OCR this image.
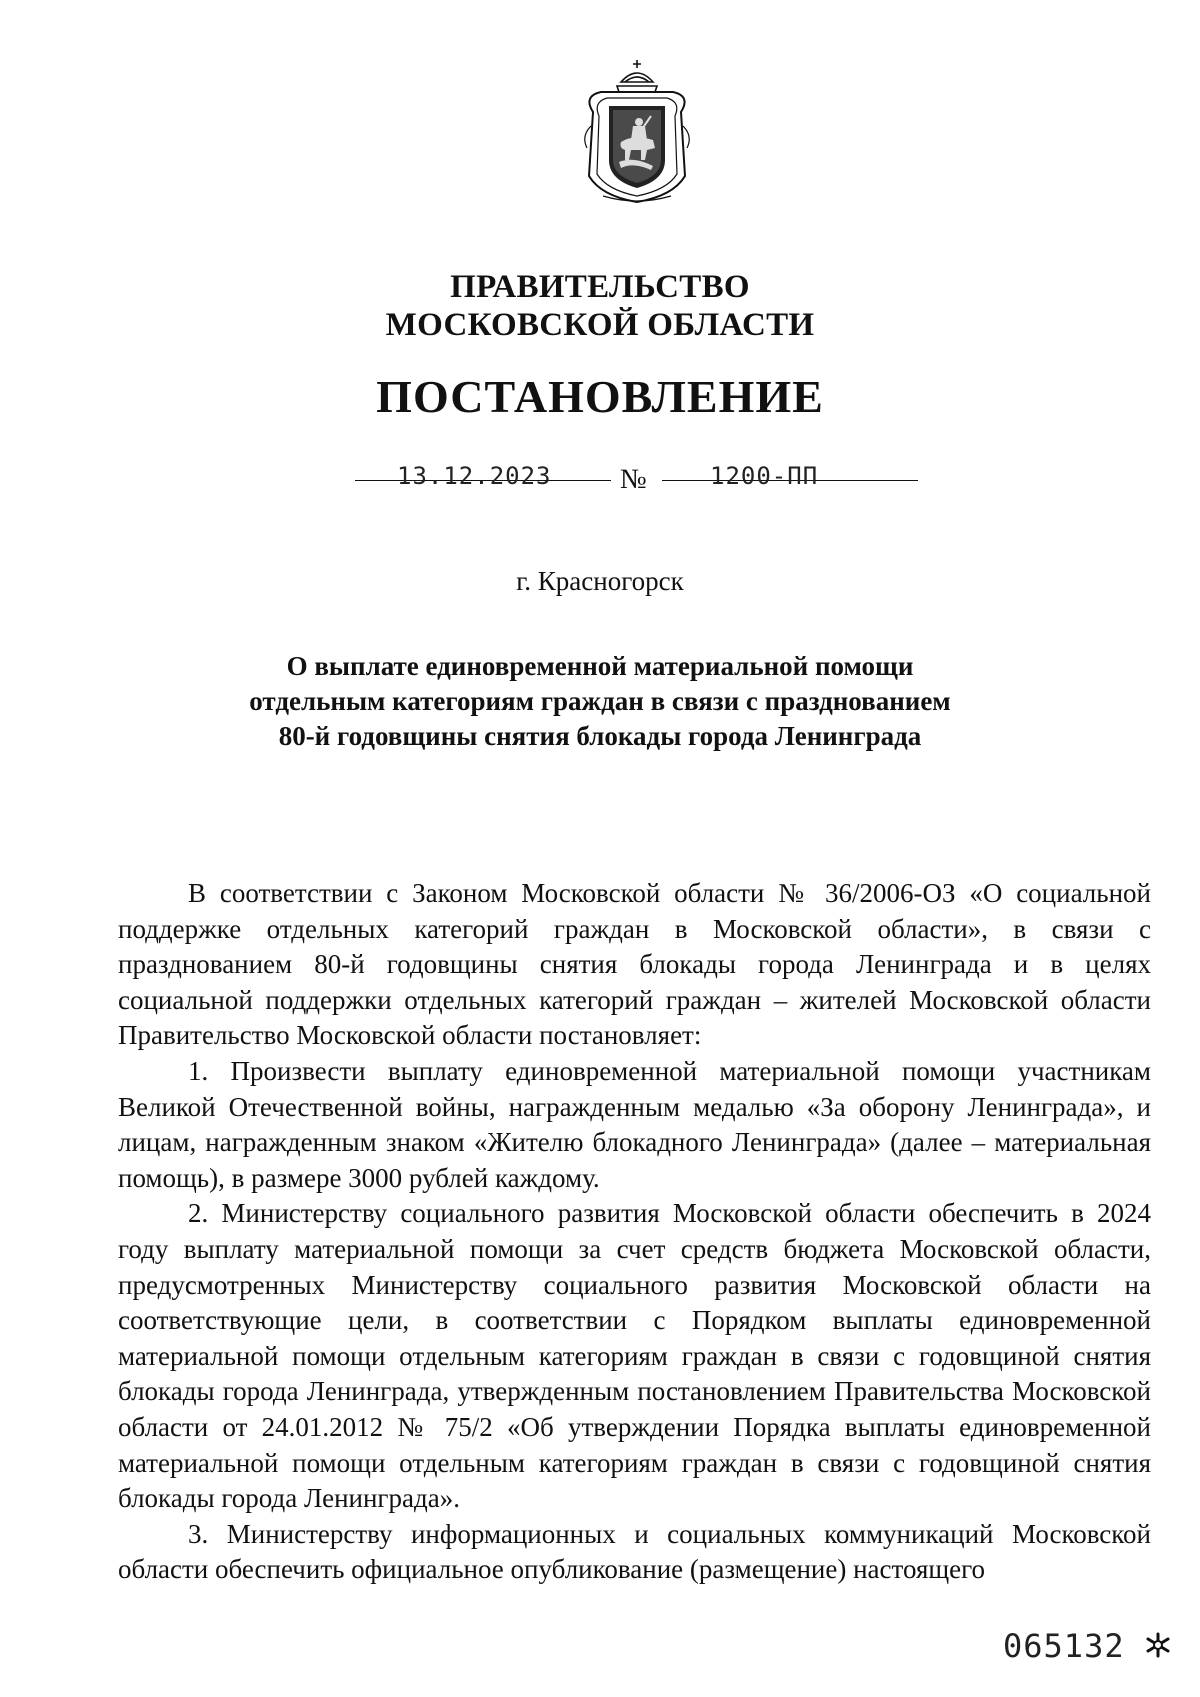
ПРАВИТЕЛЬСТВО
МОСКОВСКОЙ ОБЛАСТИ
ПОСТАНОВЛЕНИЕ
13.12.2023 №	1200-ПП
г. Красногорск
О выплате единовременной материальной помощи
отдельным категориям граждан в связи с празднованием
80-й годовщины снятия блокады города Ленинграда

В соответствии с Законом Московской области № 36/2006-ОЗ «О социальной поддержке отдельных категорий граждан в Московской области», в связи с празднованием 80-й годовщины снятия блокады города Ленинграда и в целях социальной поддержки отдельных категорий граждан – жителей Московской области Правительство Московской области постановляет:

1. Произвести выплату единовременной материальной помощи участникам Великой Отечественной войны, награжденным медалью «За оборону Ленинграда», и лицам, награжденным знаком «Жителю блокадного Ленинграда» (далее – материальная помощь), в размере 3000 рублей каждому.

2. Министерству социального развития Московской области обеспечить в 2024 году выплату материальной помощи за счет средств бюджета Московской области, предусмотренных Министерству социального развития Московской области на соответствующие цели, в соответствии с Порядком выплаты единовременной материальной помощи отдельным категориям граждан в связи с годовщиной снятия блокады города Ленинграда, утвержденным постановлением Правительства Московской области от 24.01.2012 № 75/2 «Об утверждении Порядка выплаты единовременной материальной помощи отдельным категориям граждан в связи с годовщиной снятия блокады города Ленинграда».

3. Министерству информационных и социальных коммуникаций Московской области обеспечить официальное опубликование (размещение) настоящего

065132
